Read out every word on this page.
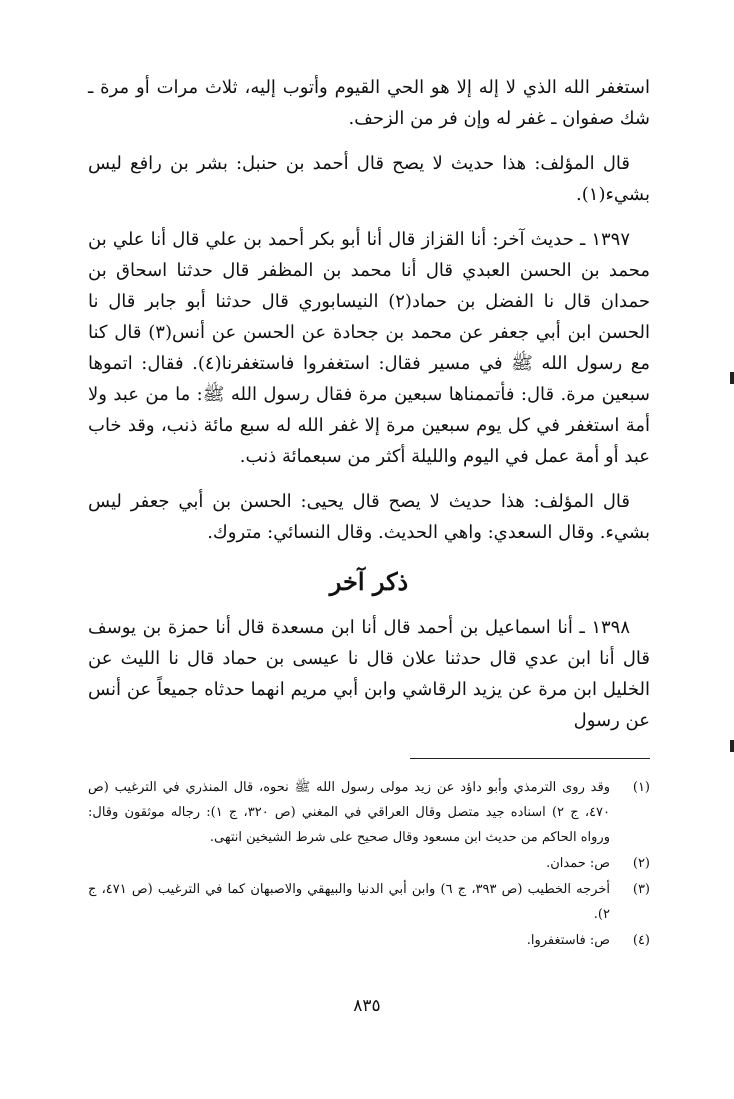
استغفر الله الذي لا إله إلا هو الحي القيوم وأتوب إليه، ثلاث مرات أو مرة ـ شك صفوان ـ غفر له وإن فر من الزحف.

قال المؤلف: هذا حديث لا يصح قال أحمد بن حنبل: بشر بن رافع ليس بشيء(١).

١٣٩٧ ـ حديث آخر: أنا القزاز قال أنا أبو بكر أحمد بن علي قال أنا علي بن محمد بن الحسن العبدي قال أنا محمد بن المظفر قال حدثنا اسحاق بن حمدان قال نا الفضل بن حماد(٢) النيسابوري قال حدثنا أبو جابر قال نا الحسن ابن أبي جعفر عن محمد بن جحادة عن الحسن عن أنس(٣) قال كنا مع رسول الله ﷺ في مسير فقال: استغفروا فاستغفرنا(٤). فقال: اتموها سبعين مرة. قال: فأتممناها سبعين مرة فقال رسول الله ﷺ: ما من عبد ولا أمة استغفر في كل يوم سبعين مرة إلا غفر الله له سبع مائة ذنب، وقد خاب عبد أو أمة عمل في اليوم والليلة أكثر من سبعمائة ذنب.

قال المؤلف: هذا حديث لا يصح قال يحيى: الحسن بن أبي جعفر ليس بشيء. وقال السعدي: واهي الحديث. وقال النسائي: متروك.

ذكر آخر

١٣٩٨ ـ أنا اسماعيل بن أحمد قال أنا ابن مسعدة قال أنا حمزة بن يوسف قال أنا ابن عدي قال حدثنا علان قال نا عيسى بن حماد قال نا الليث عن الخليل ابن مرة عن يزيد الرقاشي وابن أبي مريم انهما حدثاه جميعاً عن أنس عن رسول

(١)
وقد روى الترمذي وأبو داؤد عن زيد مولى رسول الله ﷺ نحوه، قال المنذري في الترغيب (ص ٤٧٠، ج ٢) اسناده جيد متصل وقال العراقي في المغني (ص ٣٢٠، ج ١): رجاله موثقون وقال: ورواه الحاكم من حديث ابن مسعود وقال صحيح على شرط الشيخين انتهى.

(٢)
ص: حمدان.

(٣)
أخرجه الخطيب (ص ٣٩٣، ج ٦) وابن أبي الدنيا والبيهقي والاصبهان كما في الترغيب (ص ٤٧١، ج ٢).

(٤)
ص: فاستغفروا.

٨٣٥
